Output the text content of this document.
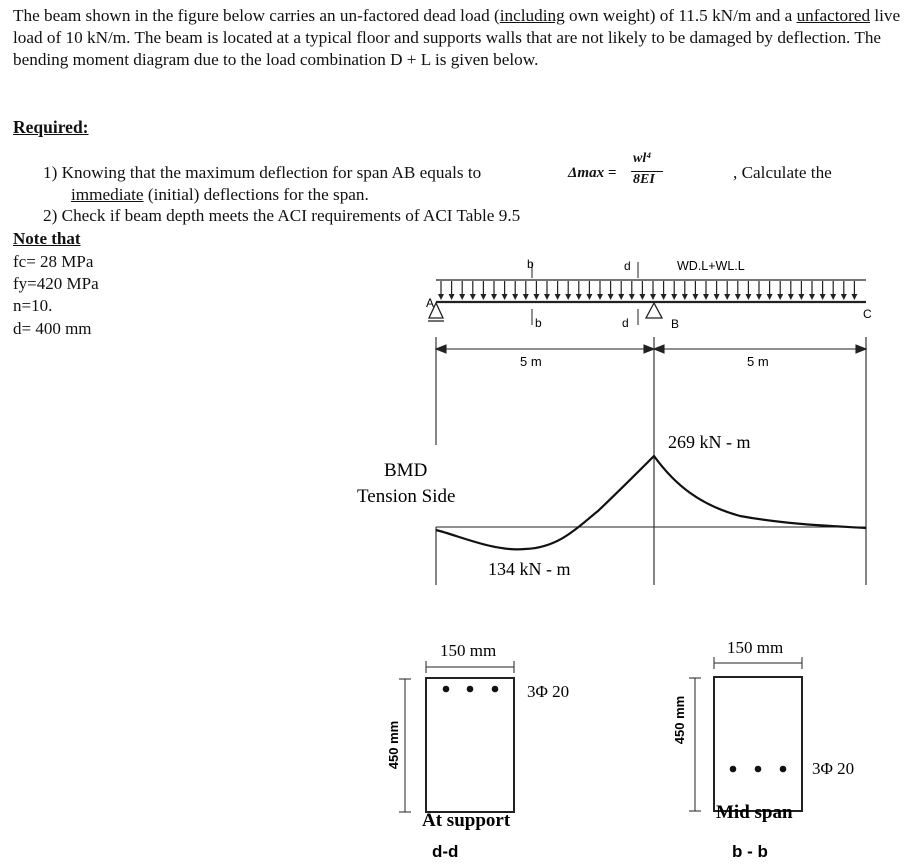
The beam shown in the figure below carries an un-factored dead load (including own weight) of 11.5 kN/m and a unfactored live load of 10 kN/m. The beam is located at a typical floor and supports walls that are not likely to be damaged by deflection. The bending moment diagram due to the load combination D + L is given below.

Required:
1) Knowing that the maximum deflection for span AB equals to	Δmax =
wl⁴
8EI	, Calculate the
immediate (initial) deflections for the span.
2) Check if beam depth meets the ACI requirements of ACI Table 9.5
Note that
fc= 28 MPa
fy=420 MPa
n=10.
d= 400 mm
A
B
C
b
b
d
d
WD.L+WL.L
5 m	5 m
BMD
Tension Side
269 kN - m
134 kN - m
150 mm
3Φ 20
450 mm
At support
d-d
150 mm
3Φ 20
450 mm
Mid span
b - b
